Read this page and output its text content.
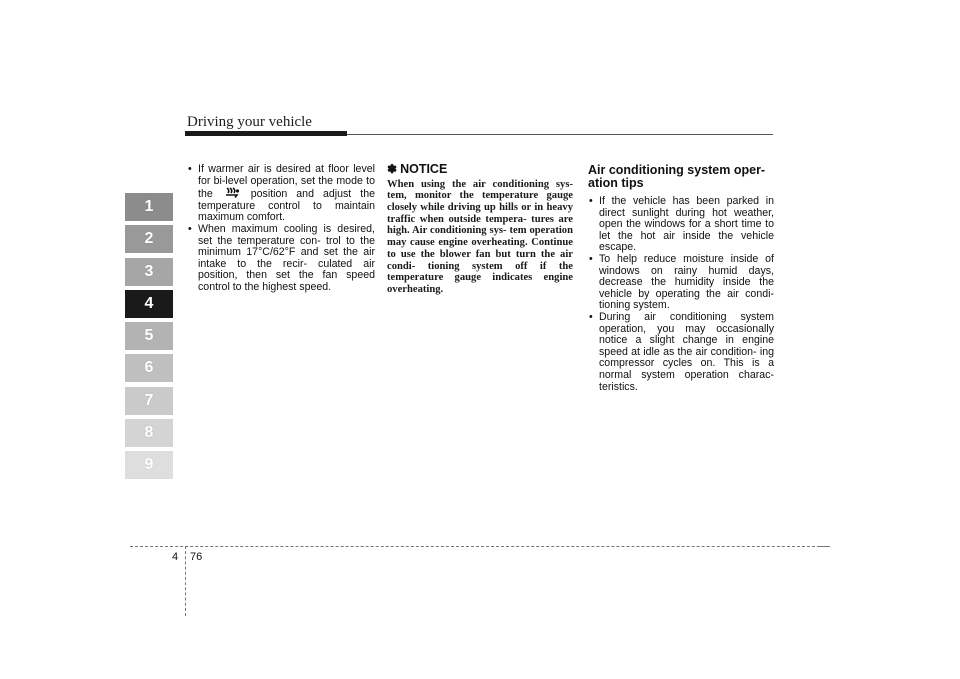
Driving your vehicle
1
2
3
4
5
6
7
8
9
• If warmer air is desired at floor level for bi-level operation, set the mode to the	position and adjust the temperature control to maintain maximum comfort.
• When maximum cooling is desired, set the temperature con- trol to the minimum 17°C/62°F and set the air intake to the recir- culated air position, then set the fan speed control to the highest speed.
✽ NOTICE
When using the air conditioning sys- tem, monitor the temperature gauge closely while driving up hills or in heavy traffic when outside tempera- tures are high. Air conditioning sys- tem operation may cause engine overheating. Continue to use the blower fan but turn the air condi- tioning system off if the temperature gauge indicates engine overheating.
Air conditioning system oper- ation tips
• If the vehicle has been parked in direct sunlight during hot weather, open the windows for a short time to let the hot air inside the vehicle escape.
• To help reduce moisture inside of windows on rainy humid days, decrease the humidity inside the vehicle by operating the air condi- tioning system.
• During air conditioning system operation, you may occasionally notice a slight change in engine speed at idle as the air condition- ing compressor cycles on. This is a normal system operation charac- teristics.
4 76
